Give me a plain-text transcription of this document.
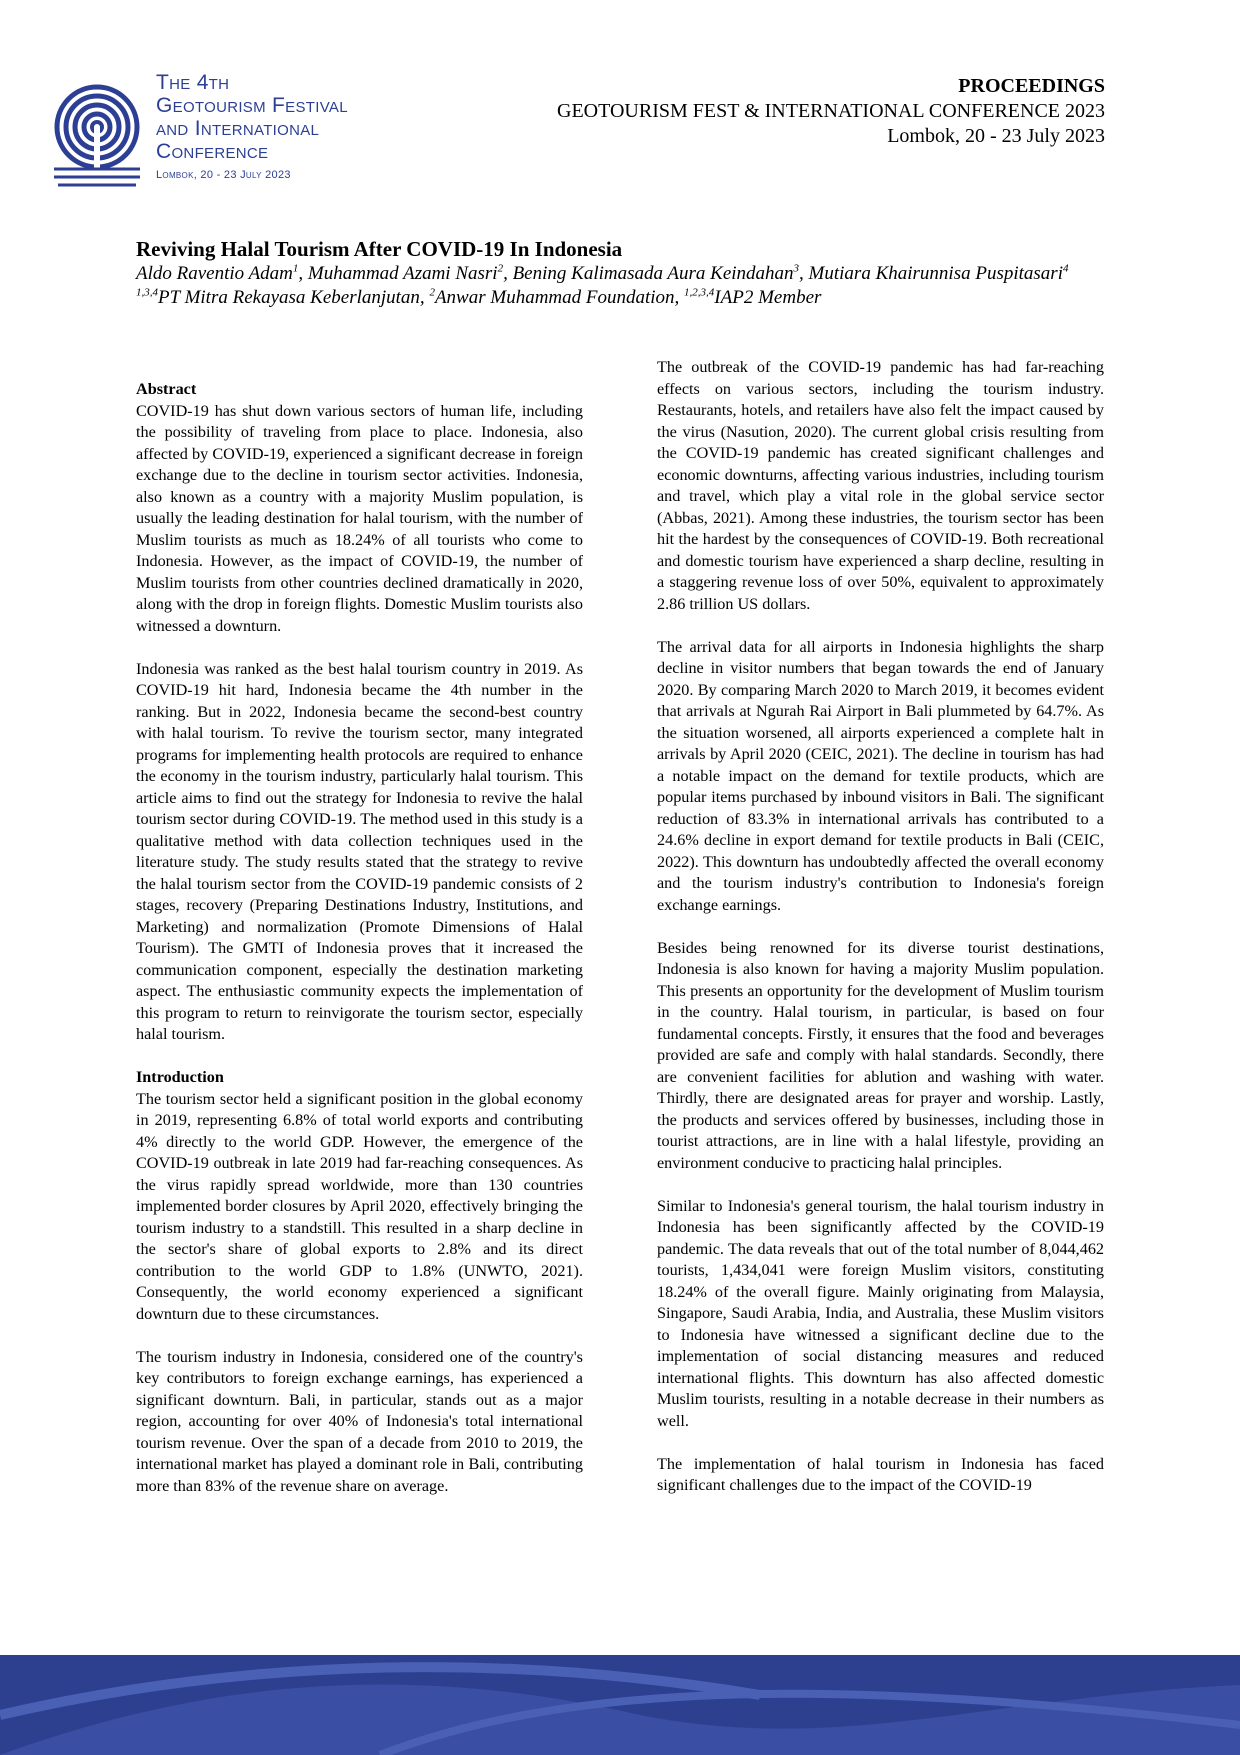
The 4th
Geotourism Festival
and International
Conference
Lombok, 20 - 23 July 2023
PROCEEDINGS
GEOTOURISM FEST & INTERNATIONAL CONFERENCE 2023
Lombok, 20 - 23 July 2023
Reviving Halal Tourism After COVID-19 In Indonesia
Aldo Raventio Adam$^1$, Muhammad Azami Nasri$^2$, Bening Kalimasada Aura Keindahan$^3$, Mutiara Khairunnisa Puspitasari$^4$
$^{1,3,4}$PT Mitra Rekayasa Keberlanjutan, $^2$Anwar Muhammad Foundation, $^{1,2,3,4}$IAP2 Member

Abstract
COVID-19 has shut down various sectors of human life, including the possibility of traveling from place to place. Indonesia, also affected by COVID-19, experienced a significant decrease in foreign exchange due to the decline in tourism sector activities. Indonesia, also known as a country with a majority Muslim population, is usually the leading destination for halal tourism, with the number of Muslim tourists as much as 18.24% of all tourists who come to Indonesia. However, as the impact of COVID-19, the number of Muslim tourists from other countries declined dramatically in 2020, along with the drop in foreign flights. Domestic Muslim tourists also witnessed a downturn.

Indonesia was ranked as the best halal tourism country in 2019. As COVID-19 hit hard, Indonesia became the 4th number in the ranking. But in 2022, Indonesia became the second-best country with halal tourism. To revive the tourism sector, many integrated programs for implementing health protocols are required to enhance the economy in the tourism industry, particularly halal tourism. This article aims to find out the strategy for Indonesia to revive the halal tourism sector during COVID-19. The method used in this study is a qualitative method with data collection techniques used in the literature study. The study results stated that the strategy to revive the halal tourism sector from the COVID-19 pandemic consists of 2 stages, recovery (Preparing Destinations Industry, Institutions, and Marketing) and normalization (Promote Dimensions of Halal Tourism). The GMTI of Indonesia proves that it increased the communication component, especially the destination marketing aspect. The enthusiastic community expects the implementation of this program to return to reinvigorate the tourism sector, especially halal tourism.

Introduction
The tourism sector held a significant position in the global economy in 2019, representing 6.8% of total world exports and contributing 4% directly to the world GDP. However, the emergence of the COVID-19 outbreak in late 2019 had far-reaching consequences. As the virus rapidly spread worldwide, more than 130 countries implemented border closures by April 2020, effectively bringing the tourism industry to a standstill. This resulted in a sharp decline in the sector's share of global exports to 2.8% and its direct contribution to the world GDP to 1.8% (UNWTO, 2021). Consequently, the world economy experienced a significant downturn due to these circumstances.

The tourism industry in Indonesia, considered one of the country's key contributors to foreign exchange earnings, has experienced a significant downturn. Bali, in particular, stands out as a major region, accounting for over 40% of Indonesia's total international tourism revenue. Over the span of a decade from 2010 to 2019, the international market has played a dominant role in Bali, contributing more than 83% of the revenue share on average.

The outbreak of the COVID-19 pandemic has had far-reaching effects on various sectors, including the tourism industry. Restaurants, hotels, and retailers have also felt the impact caused by the virus (Nasution, 2020). The current global crisis resulting from the COVID-19 pandemic has created significant challenges and economic downturns, affecting various industries, including tourism and travel, which play a vital role in the global service sector (Abbas, 2021). Among these industries, the tourism sector has been hit the hardest by the consequences of COVID-19. Both recreational and domestic tourism have experienced a sharp decline, resulting in a staggering revenue loss of over 50%, equivalent to approximately 2.86 trillion US dollars.

The arrival data for all airports in Indonesia highlights the sharp decline in visitor numbers that began towards the end of January 2020. By comparing March 2020 to March 2019, it becomes evident that arrivals at Ngurah Rai Airport in Bali plummeted by 64.7%. As the situation worsened, all airports experienced a complete halt in arrivals by April 2020 (CEIC, 2021). The decline in tourism has had a notable impact on the demand for textile products, which are popular items purchased by inbound visitors in Bali. The significant reduction of 83.3% in international arrivals has contributed to a 24.6% decline in export demand for textile products in Bali (CEIC, 2022). This downturn has undoubtedly affected the overall economy and the tourism industry's contribution to Indonesia's foreign exchange earnings.

Besides being renowned for its diverse tourist destinations, Indonesia is also known for having a majority Muslim population. This presents an opportunity for the development of Muslim tourism in the country. Halal tourism, in particular, is based on four fundamental concepts. Firstly, it ensures that the food and beverages provided are safe and comply with halal standards. Secondly, there are convenient facilities for ablution and washing with water. Thirdly, there are designated areas for prayer and worship. Lastly, the products and services offered by businesses, including those in tourist attractions, are in line with a halal lifestyle, providing an environment conducive to practicing halal principles.

Similar to Indonesia's general tourism, the halal tourism industry in Indonesia has been significantly affected by the COVID-19 pandemic. The data reveals that out of the total number of 8,044,462 tourists, 1,434,041 were foreign Muslim visitors, constituting 18.24% of the overall figure. Mainly originating from Malaysia, Singapore, Saudi Arabia, India, and Australia, these Muslim visitors to Indonesia have witnessed a significant decline due to the implementation of social distancing measures and reduced international flights. This downturn has also affected domestic Muslim tourists, resulting in a notable decrease in their numbers as well.

The implementation of halal tourism in Indonesia has faced significant challenges due to the impact of the COVID-19
